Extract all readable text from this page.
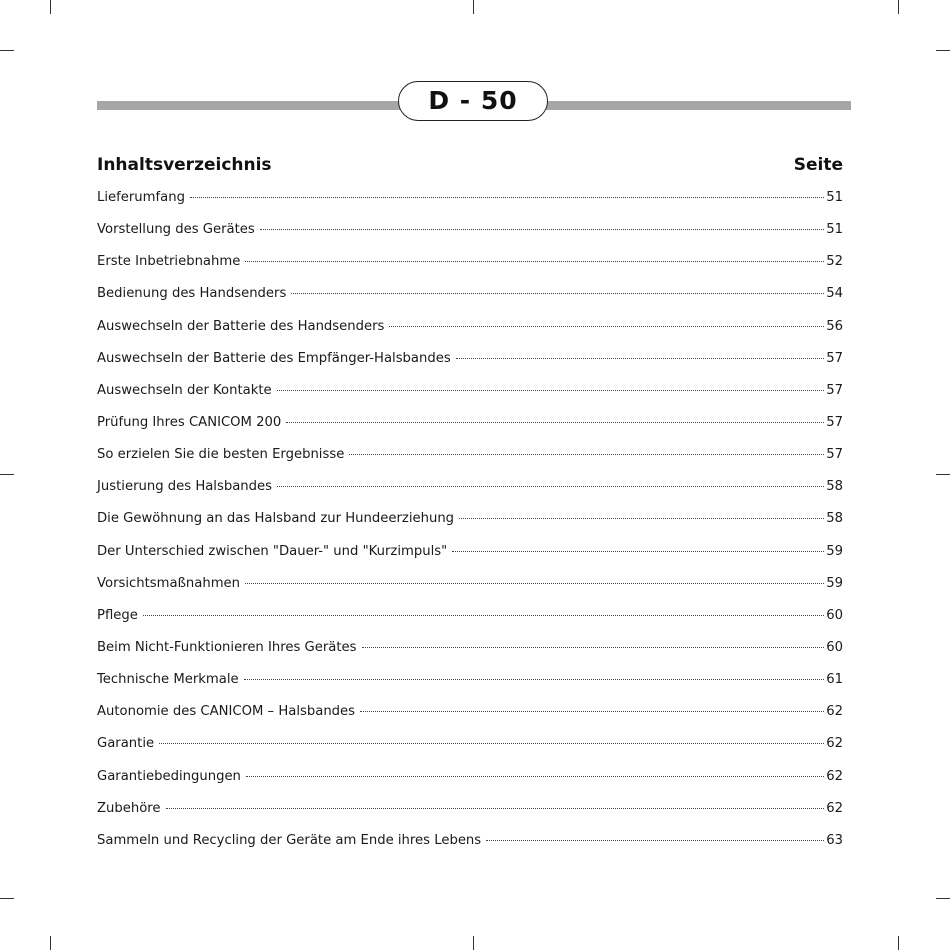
D - 50
Inhaltsverzeichnis	Seite
Lieferumfang	51
Vorstellung des Gerätes	51
Erste Inbetriebnahme	52
Bedienung des Handsenders	54
Auswechseln der Batterie des Handsenders	56
Auswechseln der Batterie des Empfänger-Halsbandes	57
Auswechseln der Kontakte	57
Prüfung Ihres CANICOM 200	57
So erzielen Sie die besten Ergebnisse	57
Justierung des Halsbandes	58
Die Gewöhnung an das Halsband zur Hundeerziehung	58
Der Unterschied zwischen "Dauer-" und "Kurzimpuls"	59
Vorsichtsmaßnahmen	59
Pflege	60
Beim Nicht-Funktionieren Ihres Gerätes	60
Technische Merkmale	61
Autonomie des CANICOM – Halsbandes	62
Garantie	62
Garantiebedingungen	62
Zubehöre	62
Sammeln und Recycling der Geräte am Ende ihres Lebens	63
